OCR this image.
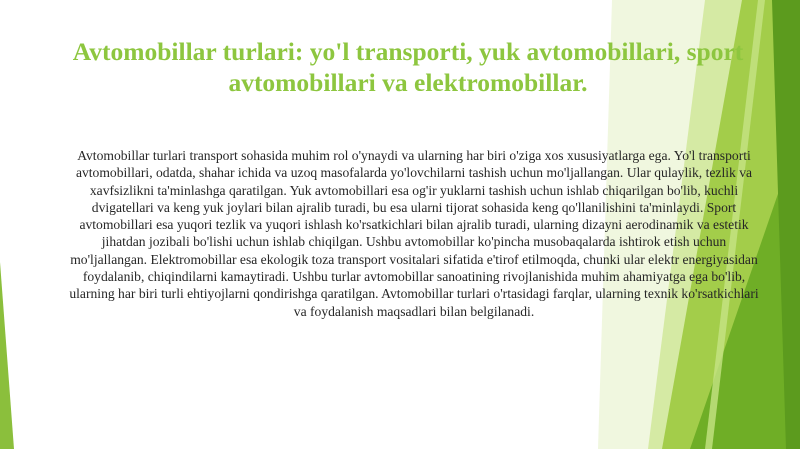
Avtomobillar turlari: yo'l transporti, yuk avtomobillari, sport avtomobillari va elektromobillar.

Avtomobillar turlari transport sohasida muhim rol o'ynaydi va ularning har biri o'ziga xos xususiyatlarga ega. Yo'l transporti avtomobillari, odatda, shahar ichida va uzoq masofalarda yo'lovchilarni tashish uchun mo'ljallangan. Ular qulaylik, tezlik va xavfsizlikni ta'minlashga qaratilgan. Yuk avtomobillari esa og'ir yuklarni tashish uchun ishlab chiqarilgan bo'lib, kuchli dvigatellari va keng yuk joylari bilan ajralib turadi, bu esa ularni tijorat sohasida keng qo'llanilishini ta'minlaydi. Sport avtomobillari esa yuqori tezlik va yuqori ishlash ko'rsatkichlari bilan ajralib turadi, ularning dizayni aerodinamik va estetik jihatdan jozibali bo'lishi uchun ishlab chiqilgan. Ushbu avtomobillar ko'pincha musobaqalarda ishtirok etish uchun mo'ljallangan. Elektromobillar esa ekologik toza transport vositalari sifatida e'tirof etilmoqda, chunki ular elektr energiyasidan foydalanib, chiqindilarni kamaytiradi. Ushbu turlar avtomobillar sanoatining rivojlanishida muhim ahamiyatga ega bo'lib, ularning har biri turli ehtiyojlarni qondirishga qaratilgan. Avtomobillar turlari o'rtasidagi farqlar, ularning texnik ko'rsatkichlari va foydalanish maqsadlari bilan belgilanadi.
